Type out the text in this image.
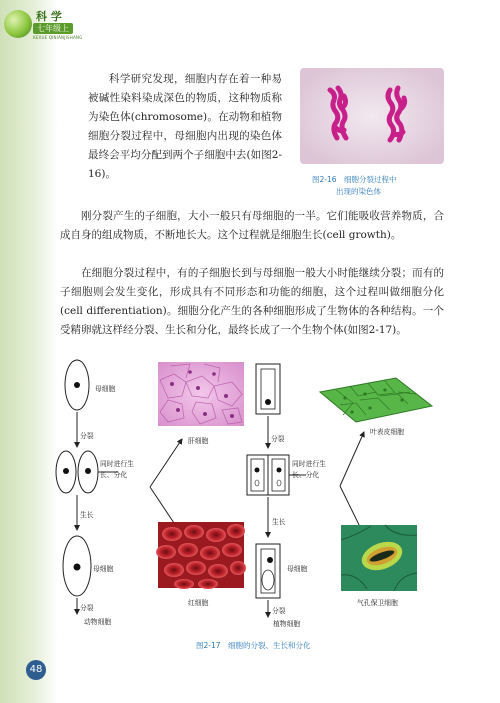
科 学
七年级上
KEXUE QINIANJISHANG

科学研究发现，细胞内存在着一种易被碱性染料染成深色的物质，这种物质称为染色体(chromosome)。在动物和植物细胞分裂过程中，母细胞内出现的染色体最终会平均分配到两个子细胞中去(如图2-16)。	图2-16　细胞分裂过程中
出现的染色体

刚分裂产生的子细胞，大小一般只有母细胞的一半。它们能吸收营养物质，合成自身的组成物质，不断地长大。这个过程就是细胞生长(cell growth)。

在细胞分裂过程中，有的子细胞长到与母细胞一般大小时能继续分裂；而有的子细胞则会发生变化，形成具有不同形态和功能的细胞，这个过程叫做细胞分化(cell differentiation)。细胞分化产生的各种细胞形成了生物体的各种结构。一个受精卵就这样经分裂、生长和分化，最终长成了一个生物个体(如图2-17)。

母细胞
分裂
同时进行生
长、分化
生长
母细胞
分裂
动物细胞
肝细胞
红细胞
分裂
同时进行生
长、分化
生长
母细胞
分裂
植物细胞
叶表皮细胞
气孔保卫细胞
图2-17　细胞的分裂、生长和分化
48
